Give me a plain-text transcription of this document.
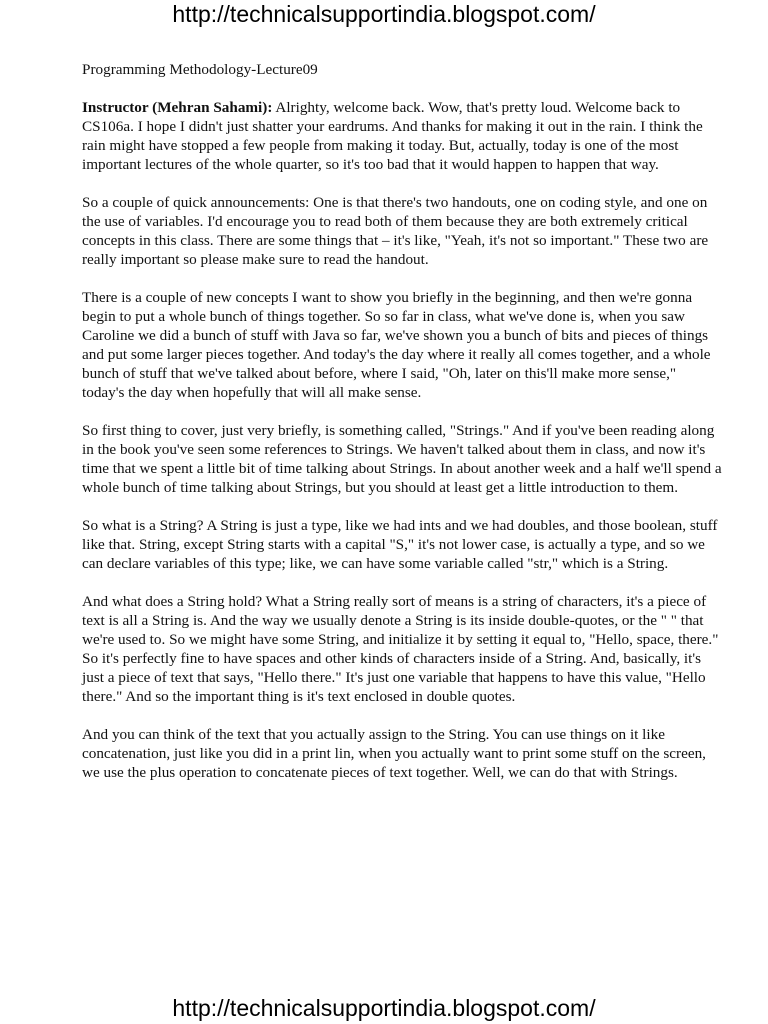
http://technicalsupportindia.blogspot.com/
Programming Methodology-Lecture09

Instructor (Mehran Sahami): Alrighty, welcome back. Wow, that's pretty loud. Welcome back to CS106a. I hope I didn't just shatter your eardrums. And thanks for making it out in the rain. I think the rain might have stopped a few people from making it today. But, actually, today is one of the most important lectures of the whole quarter, so it's too bad that it would happen to happen that way.

So a couple of quick announcements: One is that there's two handouts, one on coding style, and one on the use of variables. I'd encourage you to read both of them because they are both extremely critical concepts in this class. There are some things that – it's like, "Yeah, it's not so important." These two are really important so please make sure to read the handout.

There is a couple of new concepts I want to show you briefly in the beginning, and then we're gonna begin to put a whole bunch of things together. So so far in class, what we've done is, when you saw Caroline we did a bunch of stuff with Java so far, we've shown you a bunch of bits and pieces of things and put some larger pieces together. And today's the day where it really all comes together, and a whole bunch of stuff that we've talked about before, where I said, "Oh, later on this'll make more sense," today's the day when hopefully that will all make sense.

So first thing to cover, just very briefly, is something called, "Strings." And if you've been reading along in the book you've seen some references to Strings. We haven't talked about them in class, and now it's time that we spent a little bit of time talking about Strings. In about another week and a half we'll spend a whole bunch of time talking about Strings, but you should at least get a little introduction to them.

So what is a String? A String is just a type, like we had ints and we had doubles, and those boolean, stuff like that. String, except String starts with a capital "S," it's not lower case, is actually a type, and so we can declare variables of this type; like, we can have some variable called "str," which is a String.

And what does a String hold? What a String really sort of means is a string of characters, it's a piece of text is all a String is. And the way we usually denote a String is its inside double-quotes, or the " " that we're used to. So we might have some String, and initialize it by setting it equal to, "Hello, space, there." So it's perfectly fine to have spaces and other kinds of characters inside of a String. And, basically, it's just a piece of text that says, "Hello there." It's just one variable that happens to have this value, "Hello there." And so the important thing is it's text enclosed in double quotes.

And you can think of the text that you actually assign to the String. You can use things on it like concatenation, just like you did in a print lin, when you actually want to print some stuff on the screen, we use the plus operation to concatenate pieces of text together. Well, we can do that with Strings.

http://technicalsupportindia.blogspot.com/
